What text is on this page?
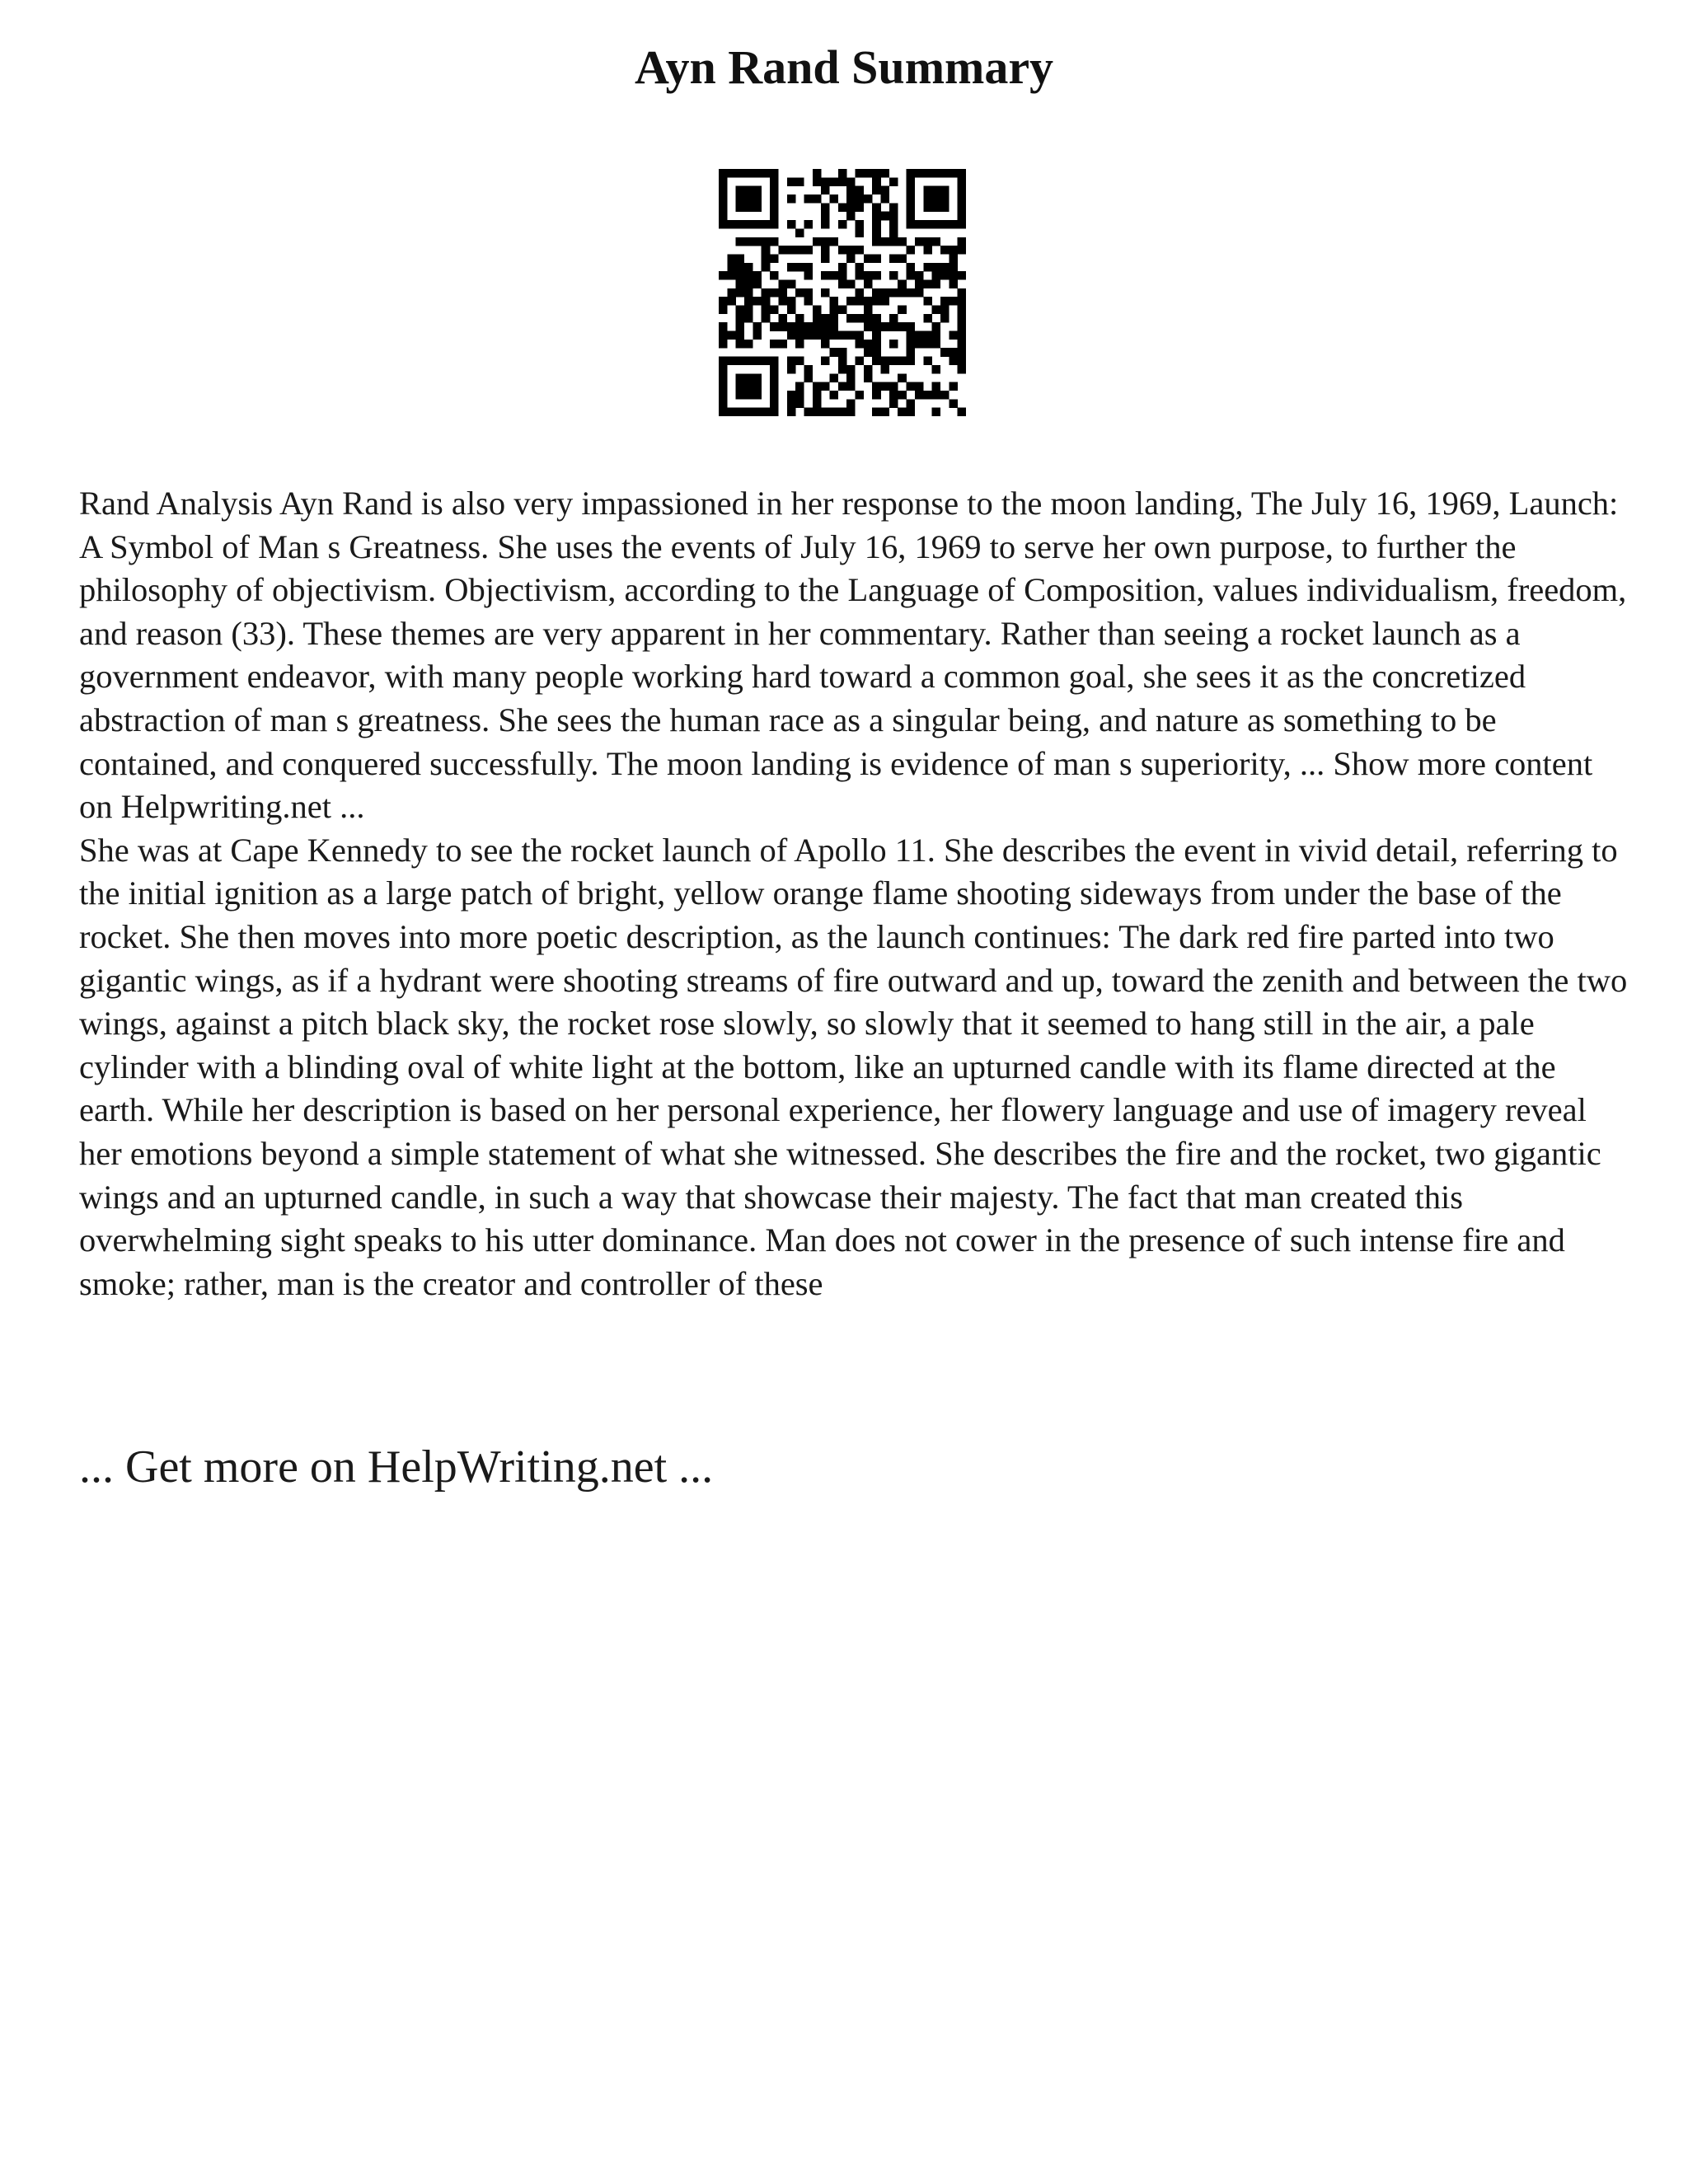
Ayn Rand Summary

Rand Analysis Ayn Rand is also very impassioned in her response to the moon landing, The July 16, 1969, Launch: A Symbol of Man s Greatness. She uses the events of July 16, 1969 to serve her own purpose, to further the philosophy of objectivism. Objectivism, according to the Language of Composition, values individualism, freedom, and reason (33). These themes are very apparent in her commentary. Rather than seeing a rocket launch as a government endeavor, with many people working hard toward a common goal, she sees it as the concretized abstraction of man s greatness. She sees the human race as a singular being, and nature as something to be contained, and conquered successfully. The moon landing is evidence of man s superiority, ... Show more content on Helpwriting.net ...

She was at Cape Kennedy to see the rocket launch of Apollo 11. She describes the event in vivid detail, referring to the initial ignition as a large patch of bright, yellow orange flame shooting sideways from under the base of the rocket. She then moves into more poetic description, as the launch continues: The dark red fire parted into two gigantic wings, as if a hydrant were shooting streams of fire outward and up, toward the zenith and between the two wings, against a pitch black sky, the rocket rose slowly, so slowly that it seemed to hang still in the air, a pale cylinder with a blinding oval of white light at the bottom, like an upturned candle with its flame directed at the earth. While her description is based on her personal experience, her flowery language and use of imagery reveal her emotions beyond a simple statement of what she witnessed. She describes the fire and the rocket, two gigantic wings and an upturned candle, in such a way that showcase their majesty. The fact that man created this overwhelming sight speaks to his utter dominance. Man does not cower in the presence of such intense fire and smoke; rather, man is the creator and controller of these

... Get more on HelpWriting.net ...
